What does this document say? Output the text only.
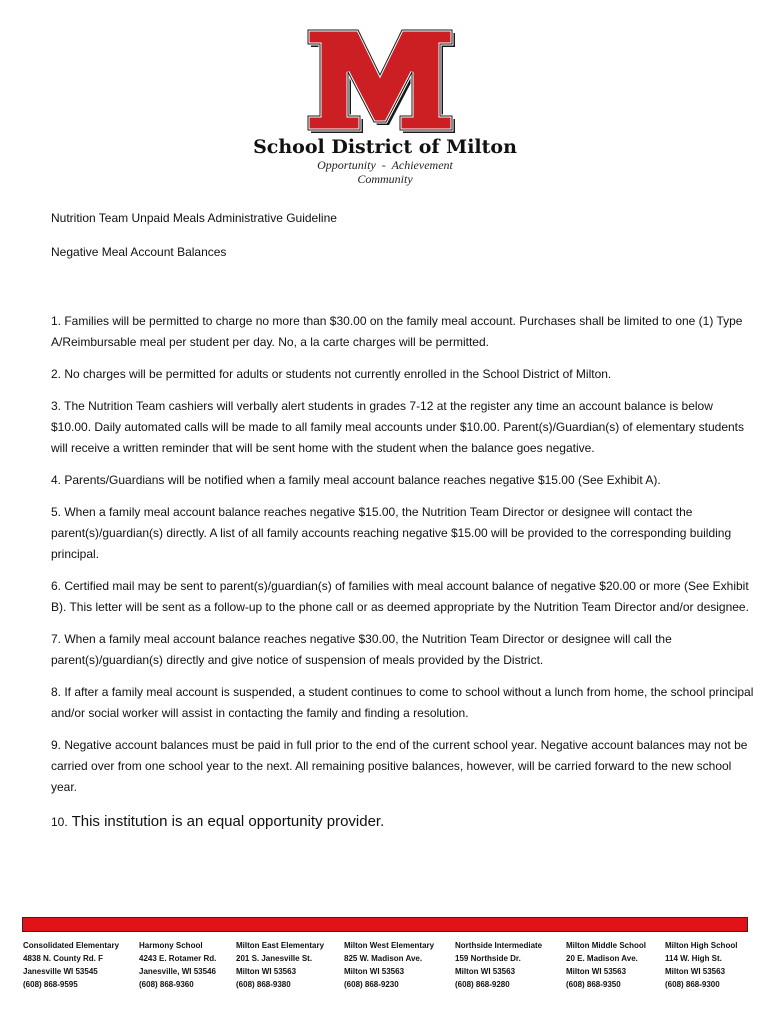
School District of Milton
Opportunity  -  Achievement
Community
Nutrition Team Unpaid Meals Administrative Guideline
Negative Meal Account Balances

1. Families will be permitted to charge no more than $30.00 on the family meal account. Purchases shall be limited to one (1) Type A/Reimbursable meal per student per day. No, a la carte charges will be permitted.

2. No charges will be permitted for adults or students not currently enrolled in the School District of Milton.

3. The Nutrition Team cashiers will verbally alert students in grades 7-12 at the register any time an account balance is below $10.00. Daily automated calls will be made to all family meal accounts under $10.00. Parent(s)/Guardian(s) of elementary students will receive a written reminder that will be sent home with the student when the balance goes negative.

4. Parents/Guardians will be notified when a family meal account balance reaches negative $15.00 (See Exhibit A).

5. When a family meal account balance reaches negative $15.00, the Nutrition Team Director or designee will contact the parent(s)/guardian(s) directly. A list of all family accounts reaching negative $15.00 will be provided to the corresponding building principal.

6. Certified mail may be sent to parent(s)/guardian(s) of families with meal account balance of negative $20.00 or more (See Exhibit B). This letter will be sent as a follow-up to the phone call or as deemed appropriate by the Nutrition Team Director and/or designee.

7. When a family meal account balance reaches negative $30.00, the Nutrition Team Director or designee will call the parent(s)/guardian(s) directly and give notice of suspension of meals provided by the District.

8. If after a family meal account is suspended, a student continues to come to school without a lunch from home, the school principal and/or social worker will assist in contacting the family and finding a resolution.

9. Negative account balances must be paid in full prior to the end of the current school year. Negative account balances may not be carried over from one school year to the next. All remaining positive balances, however, will be carried forward to the new school year.

10. This institution is an equal opportunity provider.

Consolidated Elementary
4838 N. County Rd. F
Janesville WI 53545
(608) 868-9595
Harmony School
4243 E. Rotamer Rd.
Janesville, WI 53546
(608) 868-9360
Milton East Elementary
201 S. Janesville St.
Milton WI 53563
(608) 868-9380
Milton West Elementary
825 W. Madison Ave.
Milton WI 53563
(608) 868-9230
Northside Intermediate
159 Northside Dr.
Milton WI 53563
(608) 868-9280
Milton Middle School
20 E. Madison Ave.
Milton WI 53563
(608) 868-9350
Milton High School
114 W. High St.
Milton WI 53563
(608) 868-9300
